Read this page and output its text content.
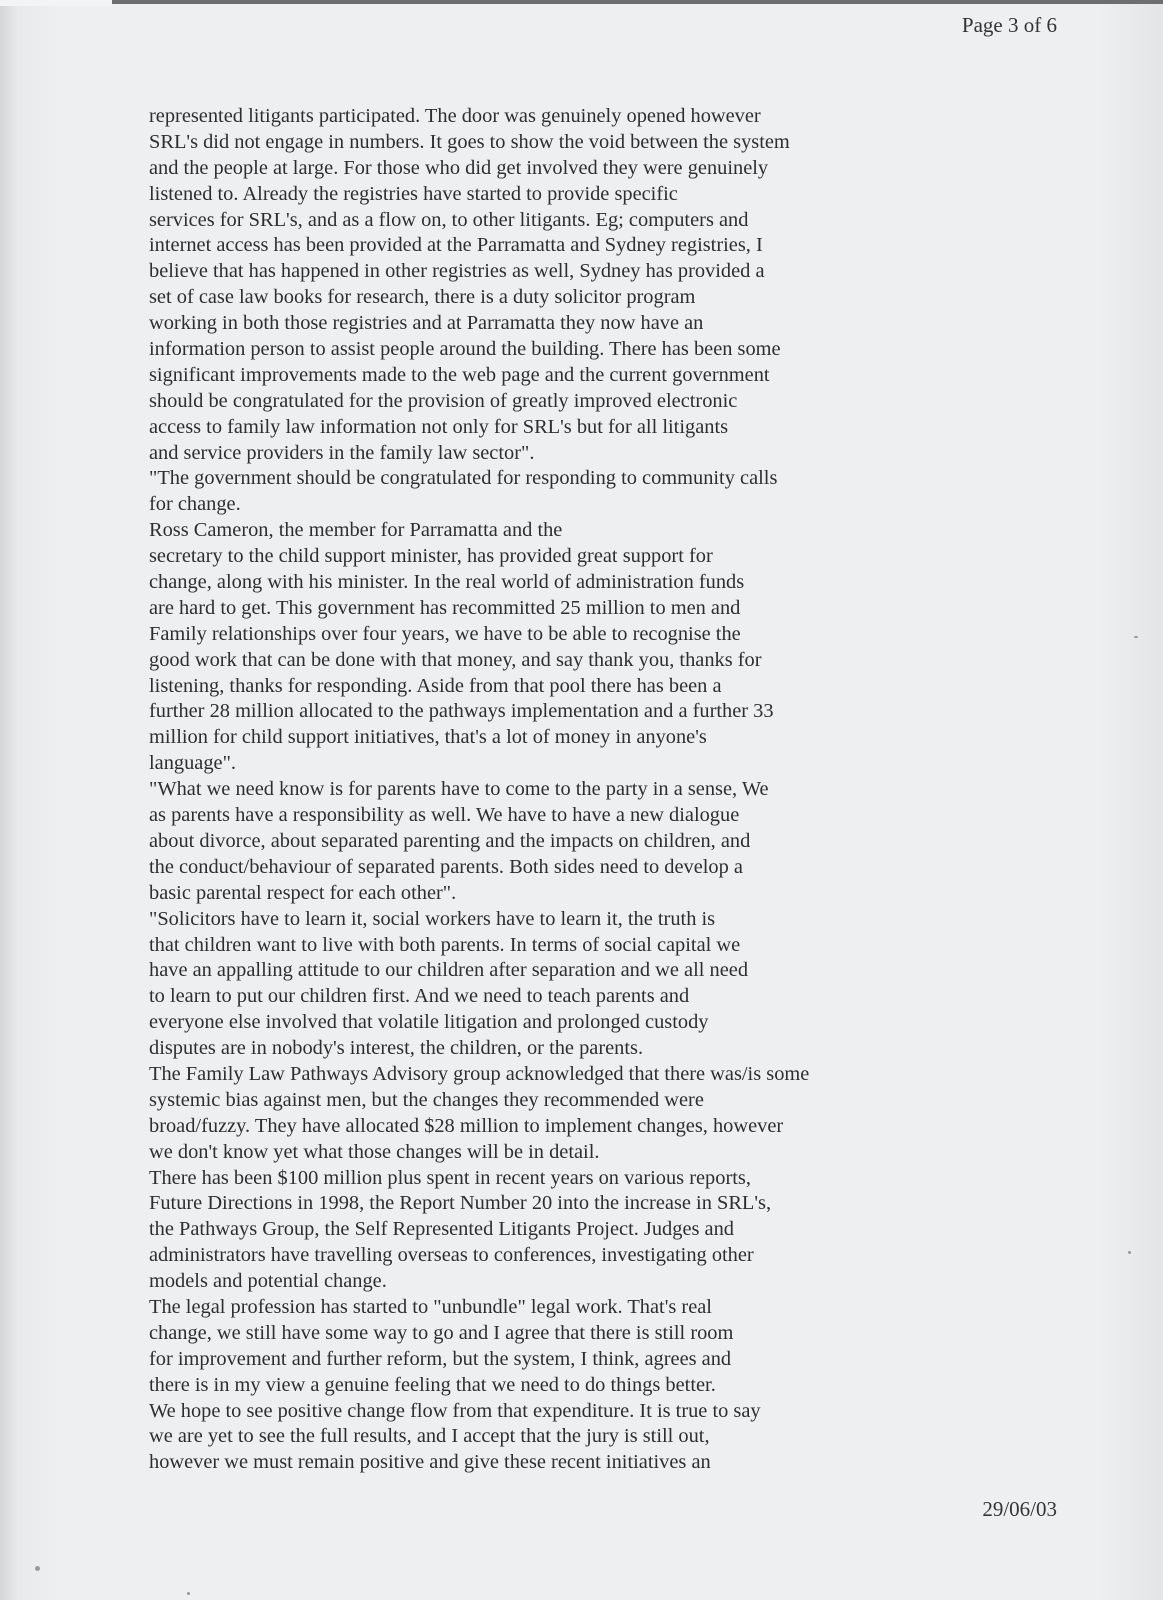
Page 3 of 6

represented litigants participated. The door was genuinely opened however
SRL's did not engage in numbers. It goes to show the void between the system
and the people at large. For those who did get involved they were genuinely
listened to. Already the registries have started to provide specific
services for SRL's, and as a flow on, to other litigants. Eg; computers and
internet access has been provided at the Parramatta and Sydney registries, I
believe that has happened in other registries as well, Sydney has provided a
set of case law books for research, there is a duty solicitor program
working in both those registries and at Parramatta they now have an
information person to assist people around the building. There has been some
significant improvements made to the web page and the current government
should be congratulated for the provision of greatly improved electronic
access to family law information not only for SRL's but for all litigants
and service providers in the family law sector".
"The government should be congratulated for responding to community calls
for change.
Ross Cameron, the member for Parramatta and the
secretary to the child support minister, has provided great support for
change, along with his minister. In the real world of administration funds
are hard to get. This government has recommitted 25 million to men and
Family relationships over four years, we have to be able to recognise the
good work that can be done with that money, and say thank you, thanks for
listening, thanks for responding. Aside from that pool there has been a
further 28 million allocated to the pathways implementation and a further 33
million for child support initiatives, that's a lot of money in anyone's
language".
"What we need know is for parents have to come to the party in a sense, We
as parents have a responsibility as well. We have to have a new dialogue
about divorce, about separated parenting and the impacts on children, and
the conduct/behaviour of separated parents. Both sides need to develop a
basic parental respect for each other".
"Solicitors have to learn it, social workers have to learn it, the truth is
that children want to live with both parents. In terms of social capital we
have an appalling attitude to our children after separation and we all need
to learn to put our children first. And we need to teach parents and
everyone else involved that volatile litigation and prolonged custody
disputes are in nobody's interest, the children, or the parents.
The Family Law Pathways Advisory group acknowledged that there was/is some
systemic bias against men, but the changes they recommended were
broad/fuzzy. They have allocated $28 million to implement changes, however
we don't know yet what those changes will be in detail.
There has been $100 million plus spent in recent years on various reports,
Future Directions in 1998, the Report Number 20 into the increase in SRL's,
the Pathways Group, the Self Represented Litigants Project. Judges and
administrators have travelling overseas to conferences, investigating other
models and potential change.
The legal profession has started to "unbundle" legal work. That's real
change, we still have some way to go and I agree that there is still room
for improvement and further reform, but the system, I think, agrees and
there is in my view a genuine feeling that we need to do things better.
We hope to see positive change flow from that expenditure. It is true to say
we are yet to see the full results, and I accept that the jury is still out,
however we must remain positive and give these recent initiatives an

29/06/03
